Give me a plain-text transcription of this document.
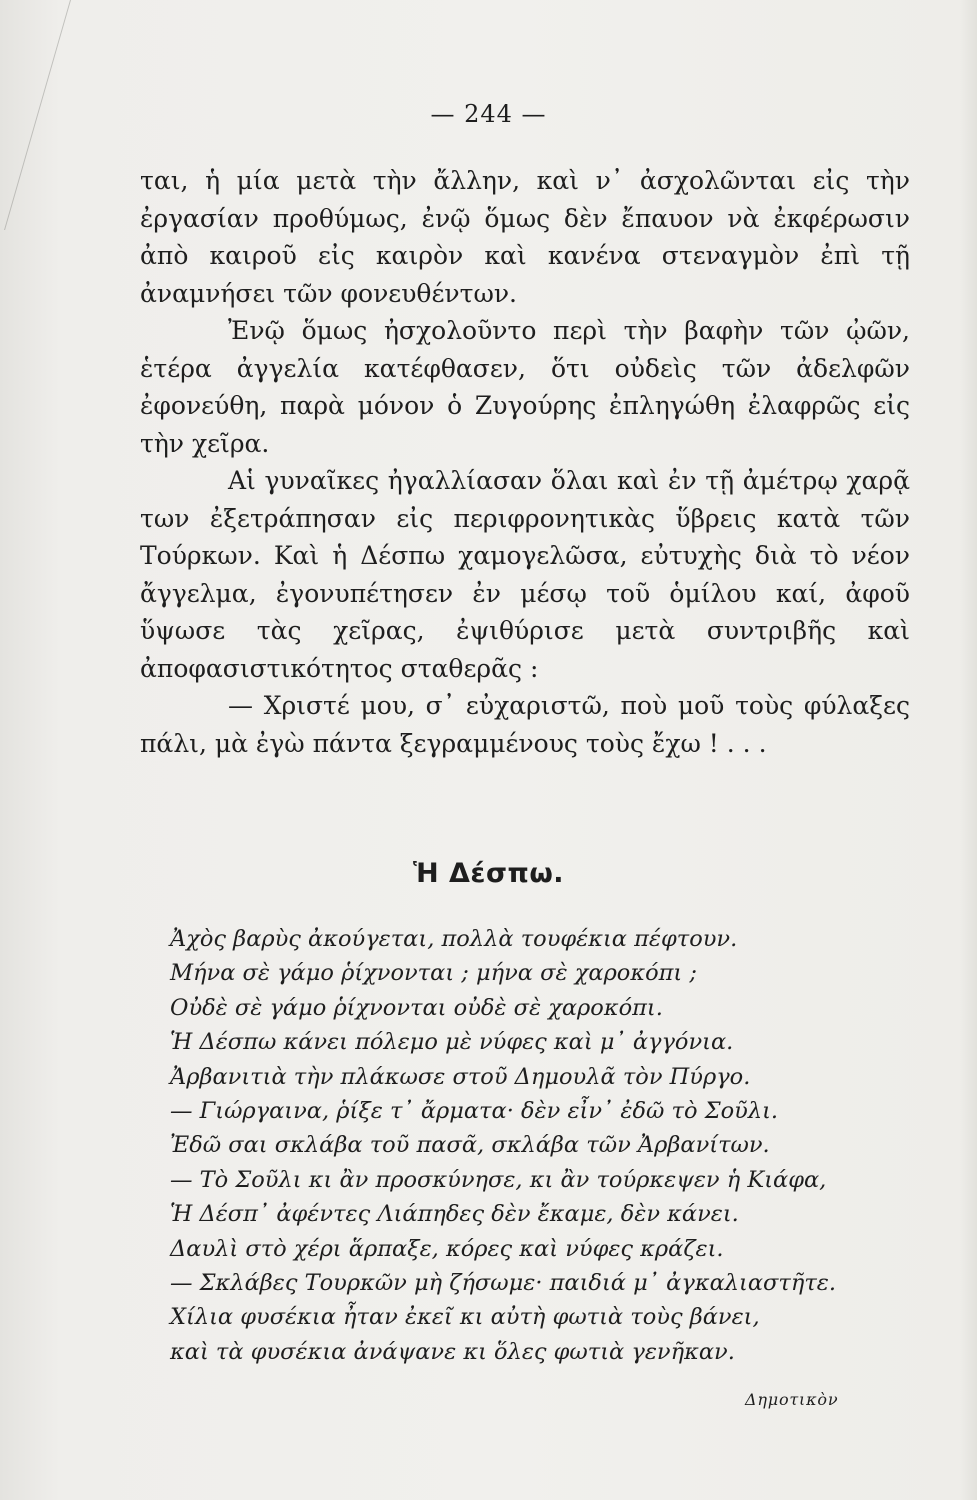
— 244 —

ται, ἡ μία μετὰ τὴν ἄλλην, καὶ ν᾽ ἀσχολῶνται εἰς τὴν ἐργασίαν προθύμως, ἐνῷ ὅμως δὲν ἔπαυον νὰ ἐκφέρωσιν ἀπὸ καιροῦ εἰς καιρὸν καὶ κανένα στεναγμὸν ἐπὶ τῇ ἀναμνήσει τῶν φονευθέντων.

Ἐνῷ ὅμως ἠσχολοῦντο περὶ τὴν βαφὴν τῶν ᾠῶν, ἑτέρα ἀγγελία κατέφθασεν, ὅτι οὐδεὶς τῶν ἀδελφῶν ἐφονεύθη, παρὰ μόνον ὁ Ζυγούρης ἐπληγώθη ἐλαφρῶς εἰς τὴν χεῖρα.

Αἱ γυναῖκες ἠγαλλίασαν ὅλαι καὶ ἐν τῇ ἀμέτρῳ χαρᾷ των ἐξετράπησαν εἰς περιφρονητικὰς ὕβρεις κατὰ τῶν Τούρκων. Καὶ ἡ Δέσπω χαμογελῶσα, εὐτυχὴς διὰ τὸ νέον ἄγγελμα, ἐγονυπέτησεν ἐν μέσῳ τοῦ ὁμίλου καί, ἀφοῦ ὕψωσε τὰς χεῖρας, ἐψιθύρισε μετὰ συντριβῆς καὶ ἀποφασιστικότητος σταθερᾶς :

— Χριστέ μου, σ᾽ εὐχαριστῶ, ποὺ μοῦ τοὺς φύλαξες πάλι, μὰ ἐγὼ πάντα ξεγραμμένους τοὺς ἔχω ! . . .

Ἡ Δέσπω.
Ἀχὸς βαρὺς ἀκούγεται, πολλὰ τουφέκια πέφτουν.
Μήνα σὲ γάμο ῥίχνονται ; μήνα σὲ χαροκόπι ;
Οὐδὲ σὲ γάμο ῥίχνονται οὐδὲ σὲ χαροκόπι.
Ἡ Δέσπω κάνει πόλεμο μὲ νύφες καὶ μ᾽ ἀγγόνια.
Ἀρβανιτιὰ τὴν πλάκωσε στοῦ Δημουλᾶ τὸν Πύργο.
— Γιώργαινα, ῥίξε τ᾽ ἄρματα· δὲν εἶν᾽ ἐδῶ τὸ Σοῦλι.
Ἐδῶ σαι σκλάβα τοῦ πασᾶ, σκλάβα τῶν Ἀρβανίτων.
— Τὸ Σοῦλι κι ἂν προσκύνησε, κι ἂν τούρκεψεν ἡ Κιάφα,
Ἡ Δέσπ᾽ ἀφέντες Λιάπηδες δὲν ἔκαμε, δὲν κάνει.
Δαυλὶ στὸ χέρι ἅρπαξε, κόρες καὶ νύφες κράζει.
— Σκλάβες Τουρκῶν μὴ ζήσωμε· παιδιά μ᾽ ἀγκαλιαστῆτε.
Χίλια φυσέκια ἦταν ἐκεῖ κι αὐτὴ φωτιὰ τοὺς βάνει,
καὶ τὰ φυσέκια ἀνάψανε κι ὅλες φωτιὰ γενῆκαν.
Δημοτικὸν
